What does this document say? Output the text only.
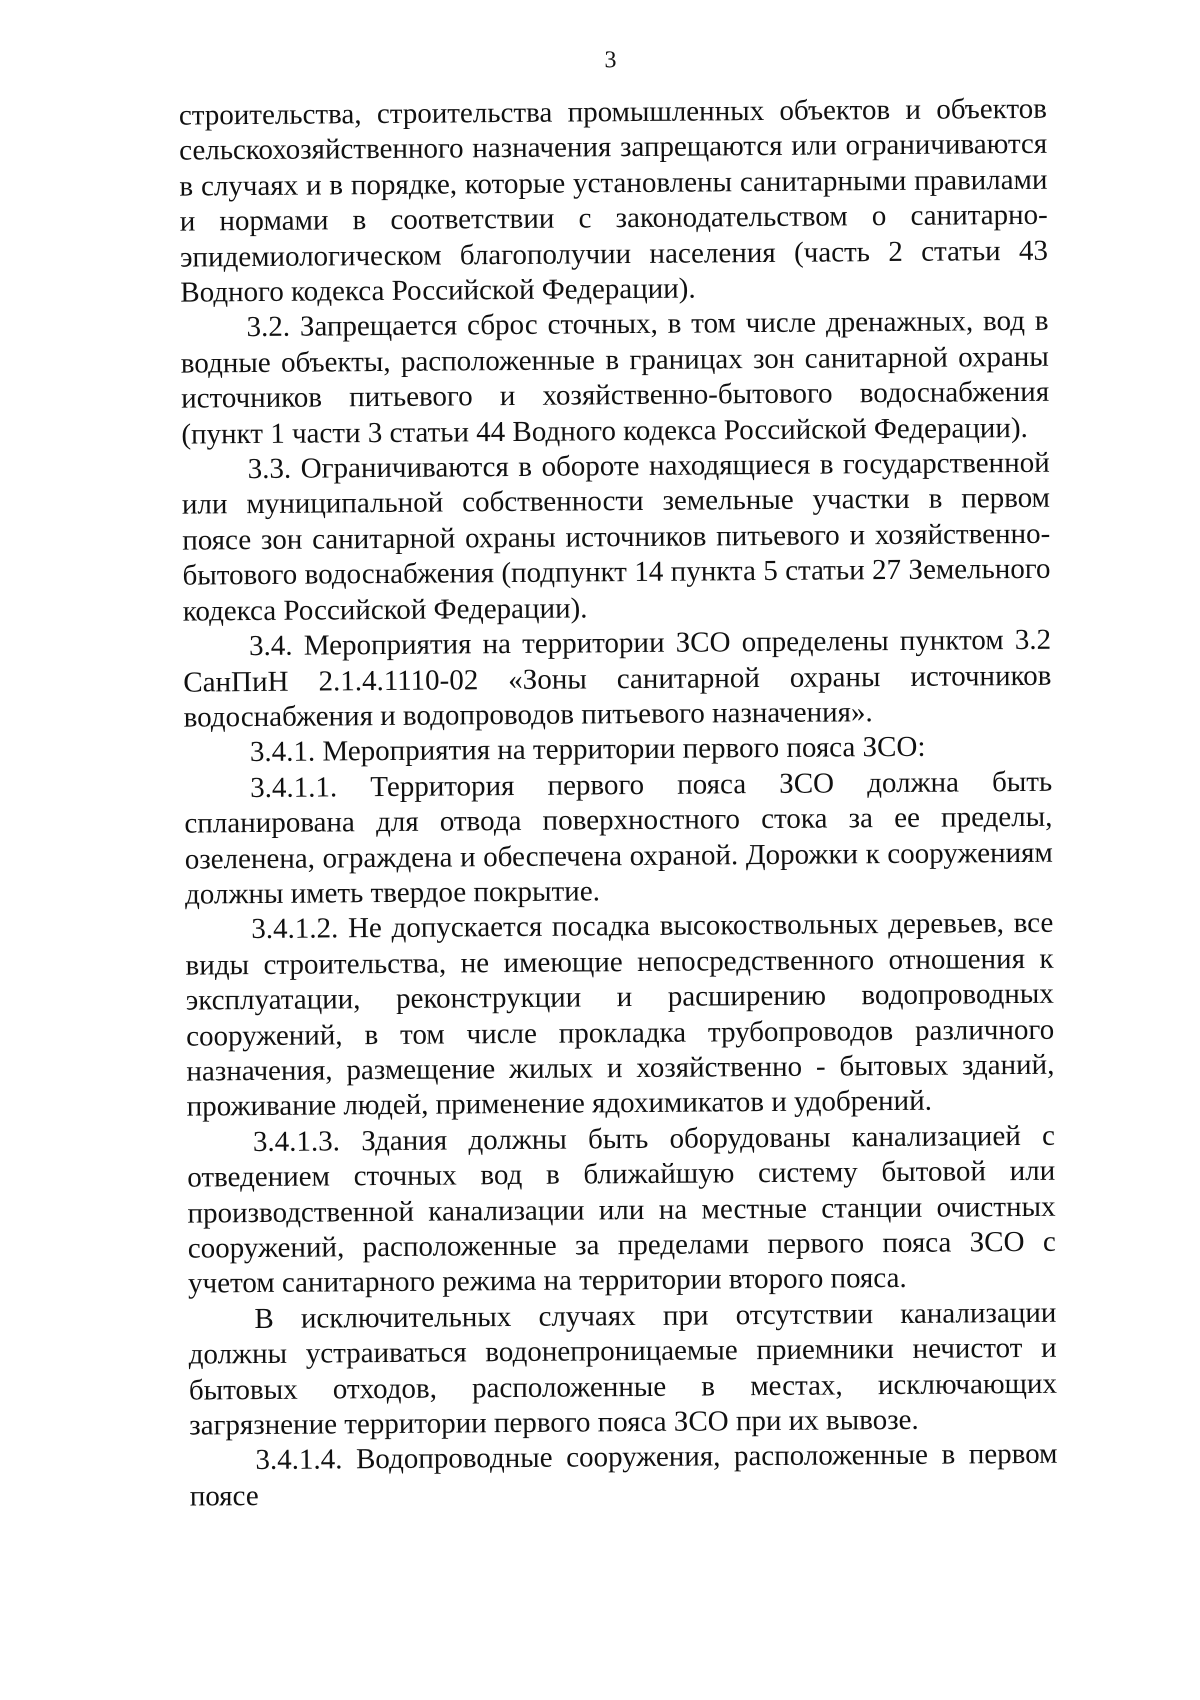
3

строительства, строительства промышленных объектов и объектов сельскохозяйственного назначения запрещаются или ограничиваются в случаях и в порядке, которые установлены санитарными правилами и нормами в соответствии с законодательством о санитарно-эпидемиологическом благополучии населения (часть 2 статьи 43 Водного кодекса Российской Федерации).

3.2. Запрещается сброс сточных, в том числе дренажных, вод в водные объекты, расположенные в границах зон санитарной охраны источников питьевого и хозяйственно-бытового водоснабжения (пункт 1 части 3 статьи 44 Водного кодекса Российской Федерации).

3.3. Ограничиваются в обороте находящиеся в государственной или муниципальной собственности земельные участки в первом поясе зон санитарной охраны источников питьевого и хозяйственно-бытового водоснабжения (подпункт 14 пункта 5 статьи 27 Земельного кодекса Российской Федерации).

3.4. Мероприятия на территории ЗСО определены пунктом 3.2 СанПиН 2.1.4.1110-02 «Зоны санитарной охраны источников водоснабжения и водопроводов питьевого назначения».

3.4.1. Мероприятия на территории первого пояса ЗСО:

3.4.1.1. Территория первого пояса ЗСО должна быть спланирована для отвода поверхностного стока за ее пределы, озеленена, ограждена и обеспечена охраной. Дорожки к сооружениям должны иметь твердое покрытие.

3.4.1.2. Не допускается посадка высокоствольных деревьев, все виды строительства, не имеющие непосредственного отношения к эксплуатации, реконструкции и расширению водопроводных сооружений, в том числе прокладка трубопроводов различного назначения, размещение жилых и хозяйственно - бытовых зданий, проживание людей, применение ядохимикатов и удобрений.

3.4.1.3. Здания должны быть оборудованы канализацией с отведением сточных вод в ближайшую систему бытовой или производственной канализации или на местные станции очистных сооружений, расположенные за пределами первого пояса ЗСО с учетом санитарного режима на территории второго пояса.

В исключительных случаях при отсутствии канализации должны устраиваться водонепроницаемые приемники нечистот и бытовых отходов, расположенные в местах, исключающих загрязнение территории первого пояса ЗСО при их вывозе.

3.4.1.4. Водопроводные сооружения, расположенные в первом поясе
